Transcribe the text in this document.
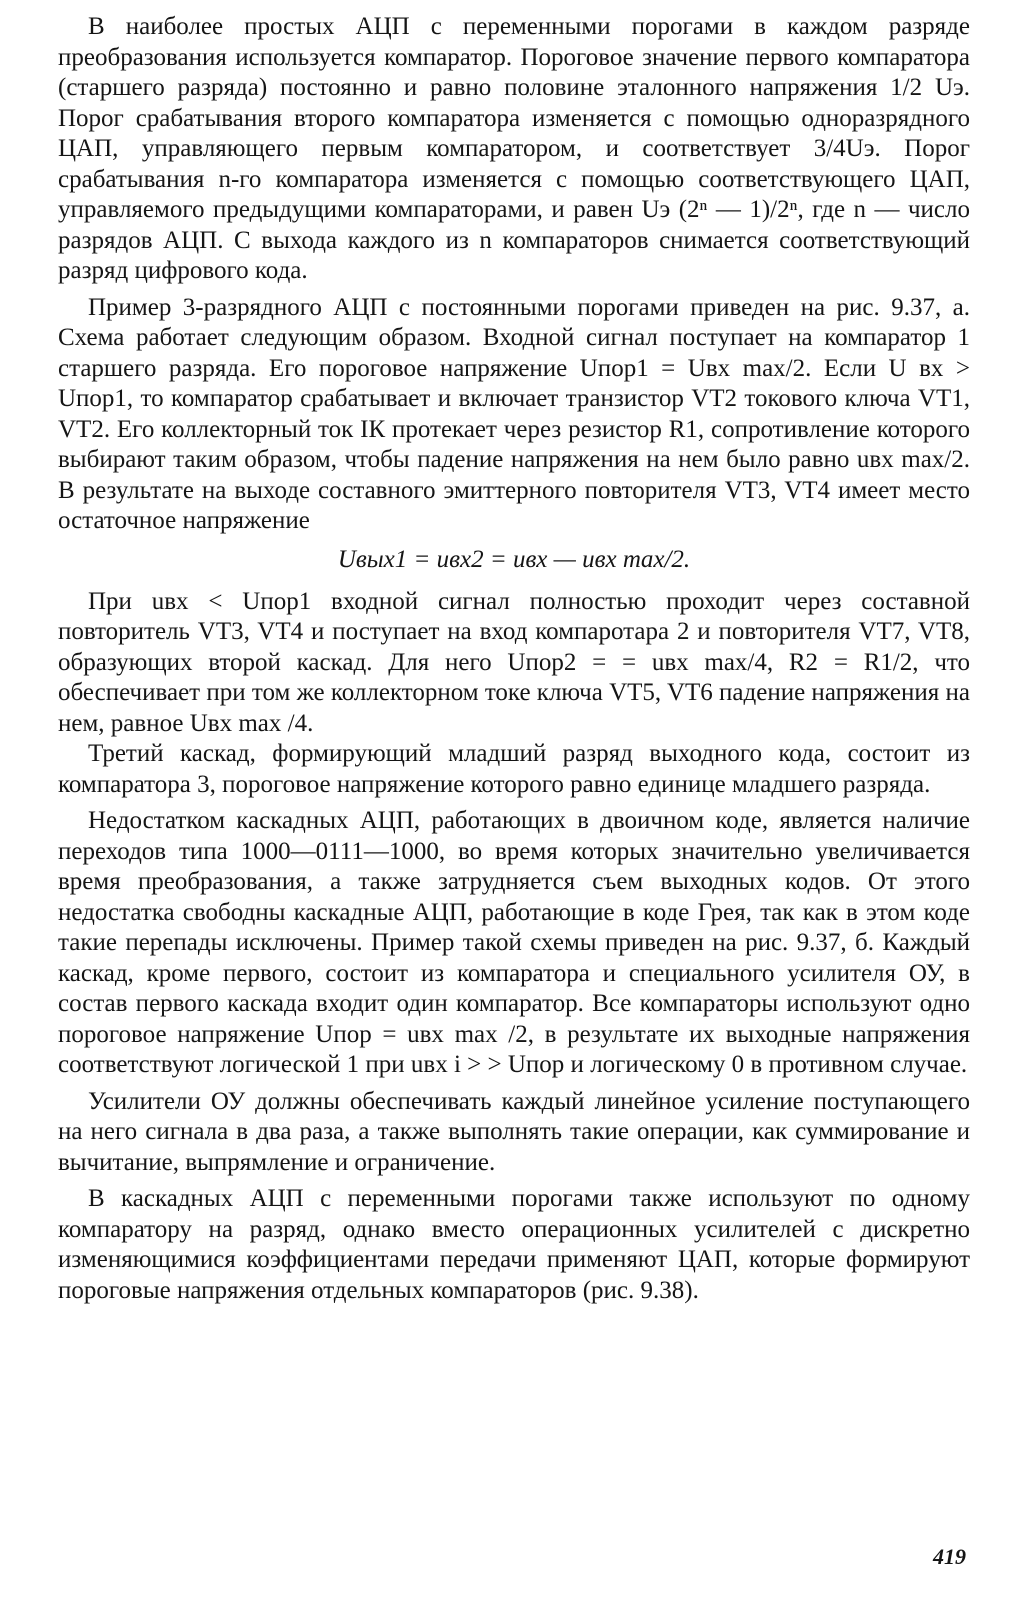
В наиболее простых АЦП с переменными порогами в каждом разряде преобразования используется компаратор. Пороговое значение первого компаратора (старшего разряда) постоянно и равно половине эталонного напряжения 1/2 Uэ. Порог срабатывания второго компаратора изменяется с помощью одноразрядного ЦАП, управляющего первым компаратором, и соответствует 3/4Uэ. Порог срабатывания n-го компаратора изменяется с помощью соответствующего ЦАП, управляемого предыдущими компараторами, и равен Uэ (2ⁿ — 1)/2ⁿ, где n — число разрядов АЦП. С выхода каждого из n компараторов снимается соответствующий разряд цифрового кода.

Пример 3-разрядного АЦП с постоянными порогами приведен на рис. 9.37, а. Схема работает следующим образом. Входной сигнал поступает на компаратор 1 старшего разряда. Его пороговое напряжение Uпор1 = Uвх max/2. Если U вх > Uпор1, то компаратор срабатывает и включает транзистор VT2 токового ключа VT1, VT2. Его коллекторный ток IК протекает через резистор R1, сопротивление которого выбирают таким образом, чтобы падение напряжения на нем было равно uвх max/2. В результате на выходе составного эмиттерного повторителя VT3, VT4 имеет место остаточное напряжение

Uвых1 = uвх2 = uвх — uвх max/2.

При uвх < Uпор1 входной сигнал полностью проходит через составной повторитель VT3, VT4 и поступает на вход компаротара 2 и повторителя VT7, VT8, образующих второй каскад. Для него Uпор2 = = uвх max/4, R2 = R1/2, что обеспечивает при том же коллекторном токе ключа VT5, VT6 падение напряжения на нем, равное Uвх max /4.

Третий каскад, формирующий младший разряд выходного кода, состоит из компаратора 3, пороговое напряжение которого равно единице младшего разряда.

Недостатком каскадных АЦП, работающих в двоичном коде, является наличие переходов типа 1000—0111—1000, во время которых значительно увеличивается время преобразования, а также затрудняется съем выходных кодов. От этого недостатка свободны каскадные АЦП, работающие в коде Грея, так как в этом коде такие перепады исключены. Пример такой схемы приведен на рис. 9.37, б. Каждый каскад, кроме первого, состоит из компаратора и специального усилителя ОУ, в состав первого каскада входит один компаратор. Все компараторы используют одно пороговое напряжение Uпор = uвх max /2, в результате их выходные напряжения соответствуют логической 1 при uвх i > > Uпор и логическому 0 в противном случае.

Усилители ОУ должны обеспечивать каждый линейное усиление поступающего на него сигнала в два раза, а также выполнять такие операции, как суммирование и вычитание, выпрямление и ограничение.

В каскадных АЦП с переменными порогами также используют по одному компаратору на разряд, однако вместо операционных усилителей с дискретно изменяющимися коэффициентами передачи применяют ЦАП, которые формируют пороговые напряжения отдельных компараторов (рис. 9.38).

419
